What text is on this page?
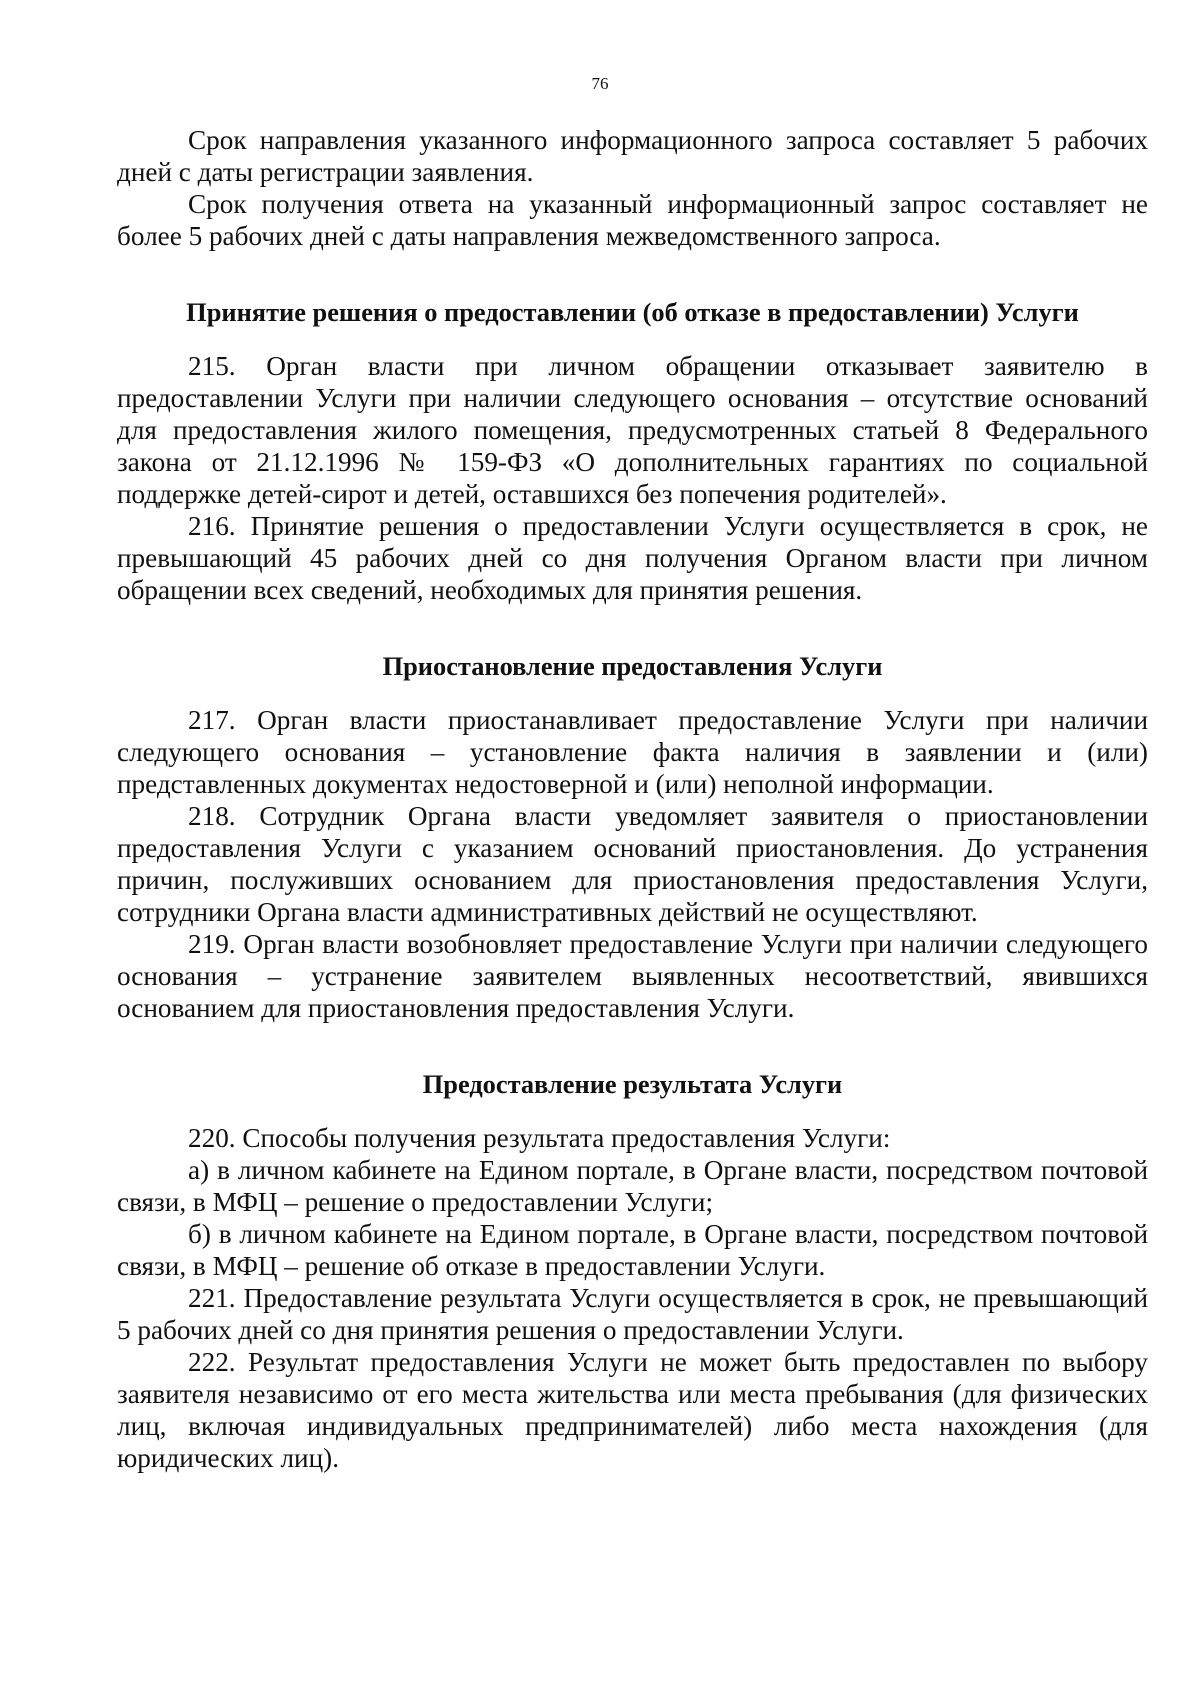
76

Срок направления указанного информационного запроса составляет 5 рабочих дней с даты регистрации заявления.

Срок получения ответа на указанный информационный запрос составляет не более 5 рабочих дней с даты направления межведомственного запроса.

Принятие решения о предоставлении (об отказе в предоставлении) Услуги

215. Орган власти при личном обращении отказывает заявителю в предоставлении Услуги при наличии следующего основания – отсутствие оснований для предоставления жилого помещения, предусмотренных статьей 8 Федерального закона от 21.12.1996 № 159-ФЗ «О дополнительных гарантиях по социальной поддержке детей-сирот и детей, оставшихся без попечения родителей».

216. Принятие решения о предоставлении Услуги осуществляется в срок, не превышающий 45 рабочих дней со дня получения Органом власти при личном обращении всех сведений, необходимых для принятия решения.

Приостановление предоставления Услуги

217. Орган власти приостанавливает предоставление Услуги при наличии следующего основания – установление факта наличия в заявлении и (или) представленных документах недостоверной и (или) неполной информации.

218. Сотрудник Органа власти уведомляет заявителя о приостановлении предоставления Услуги с указанием оснований приостановления. До устранения причин, послуживших основанием для приостановления предоставления Услуги, сотрудники Органа власти административных действий не осуществляют.

219. Орган власти возобновляет предоставление Услуги при наличии следующего основания – устранение заявителем выявленных несоответствий, явившихся основанием для приостановления предоставления Услуги.

Предоставление результата Услуги

220. Способы получения результата предоставления Услуги:

а) в личном кабинете на Едином портале, в Органе власти, посредством почтовой связи, в МФЦ – решение о предоставлении Услуги;

б) в личном кабинете на Едином портале, в Органе власти, посредством почтовой связи, в МФЦ – решение об отказе в предоставлении Услуги.

221. Предоставление результата Услуги осуществляется в срок, не превышающий 5 рабочих дней со дня принятия решения о предоставлении Услуги.

222. Результат предоставления Услуги не может быть предоставлен по выбору заявителя независимо от его места жительства или места пребывания (для физических лиц, включая индивидуальных предпринимателей) либо места нахождения (для юридических лиц).
